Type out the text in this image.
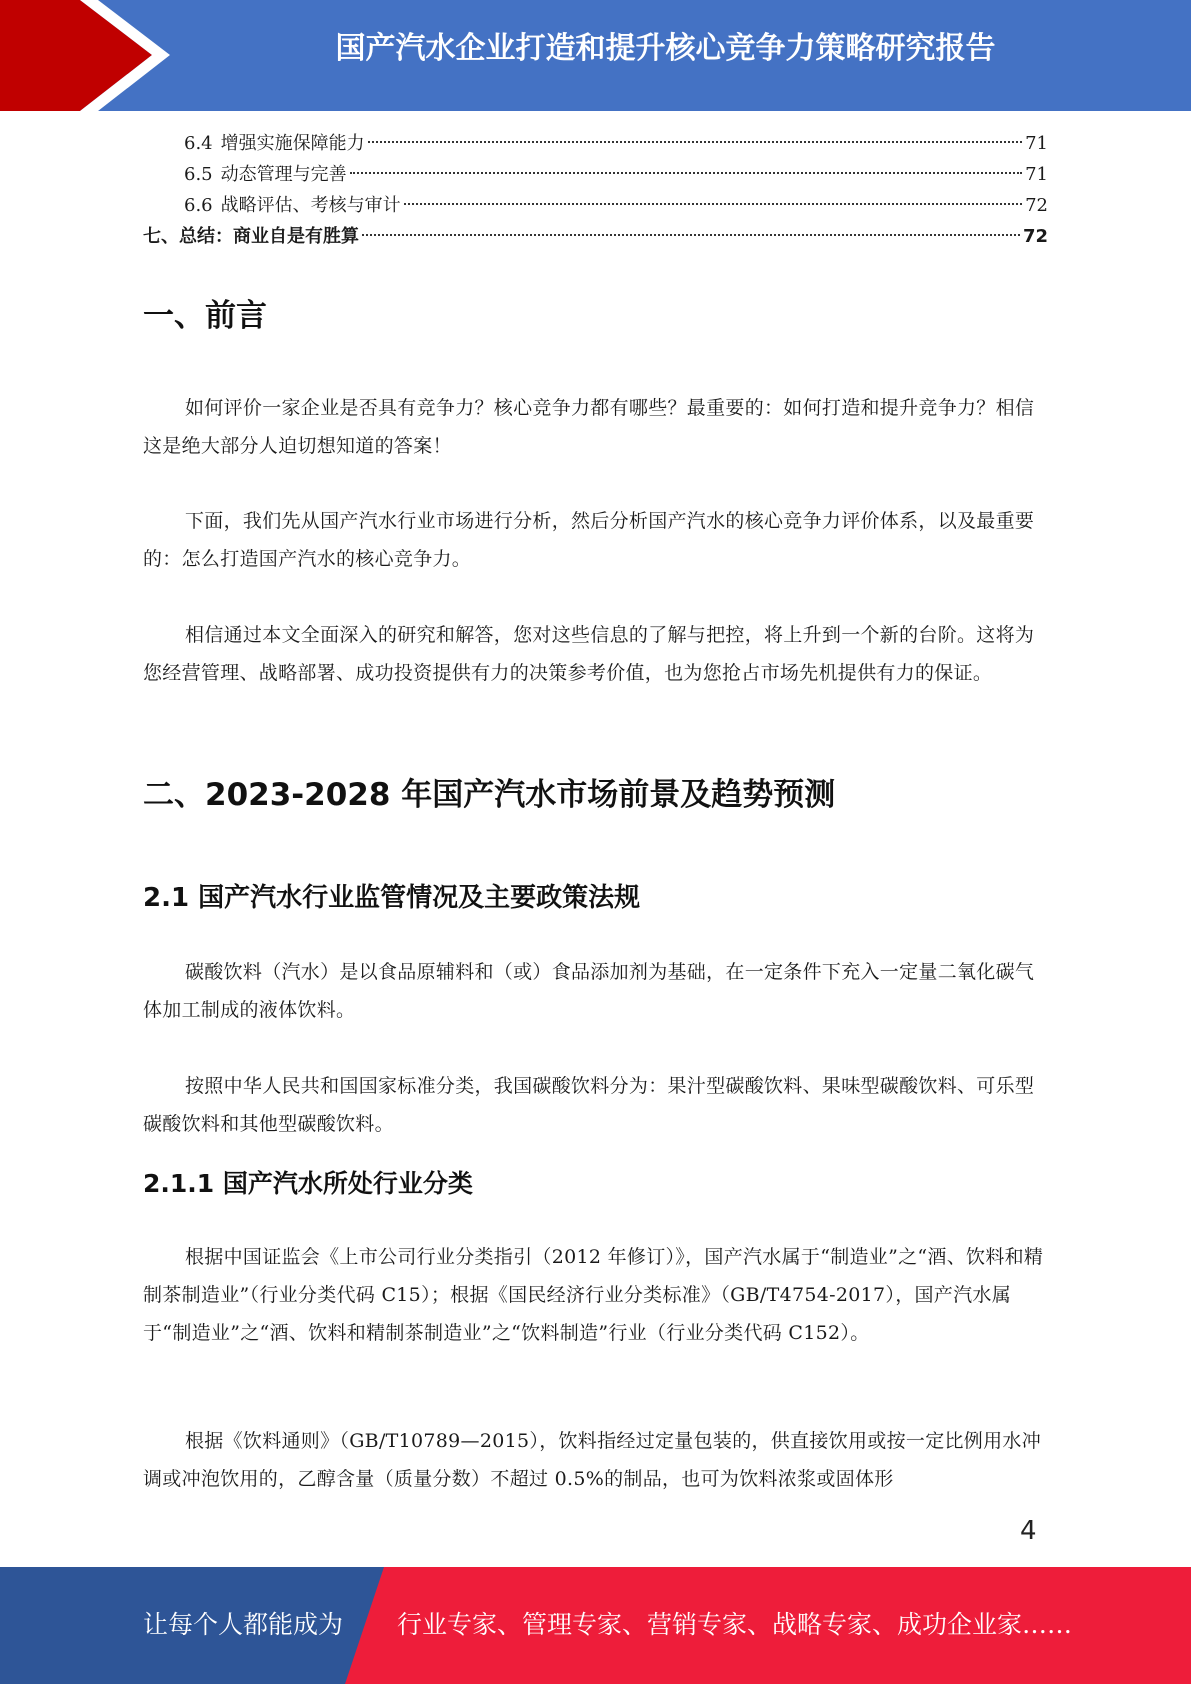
国产汽水企业打造和提升核心竞争力策略研究报告
6.4 增强实施保障能力	71
6.5 动态管理与完善	71
6.6 战略评估、考核与审计	72
七、总结：商业自是有胜算	72
一、前言

如何评价一家企业是否具有竞争力？核心竞争力都有哪些？最重要的：如何打造和提升竞争力？相信这是绝大部分人迫切想知道的答案！

下面，我们先从国产汽水行业市场进行分析，然后分析国产汽水的核心竞争力评价体系，以及最重要的：怎么打造国产汽水的核心竞争力。

相信通过本文全面深入的研究和解答，您对这些信息的了解与把控，将上升到一个新的台阶。这将为您经营管理、战略部署、成功投资提供有力的决策参考价值，也为您抢占市场先机提供有力的保证。

二、2023-2028 年国产汽水市场前景及趋势预测
2.1 国产汽水行业监管情况及主要政策法规

碳酸饮料（汽水）是以食品原辅料和（或）食品添加剂为基础，在一定条件下充入一定量二氧化碳气体加工制成的液体饮料。

按照中华人民共和国国家标准分类，我国碳酸饮料分为：果汁型碳酸饮料、果味型碳酸饮料、可乐型碳酸饮料和其他型碳酸饮料。

2.1.1 国产汽水所处行业分类

根据中国证监会《上市公司行业分类指引（2012 年修订）》，国产汽水属于“制造业”之“酒、饮料和精制茶制造业”（行业分类代码 C15）；根据《国民经济行业分类标准》（GB/T4754-2017），国产汽水属于“制造业”之“酒、饮料和精制茶制造业”之“饮料制造”行业（行业分类代码 C152）。

根据《饮料通则》（GB/T10789—2015），饮料指经过定量包装的，供直接饮用或按一定比例用水冲调或冲泡饮用的，乙醇含量（质量分数）不超过 0.5%的制品，也可为饮料浓浆或固体形

4
让每个人都能成为 行业专家、管理专家、营销专家、战略专家、成功企业家……
